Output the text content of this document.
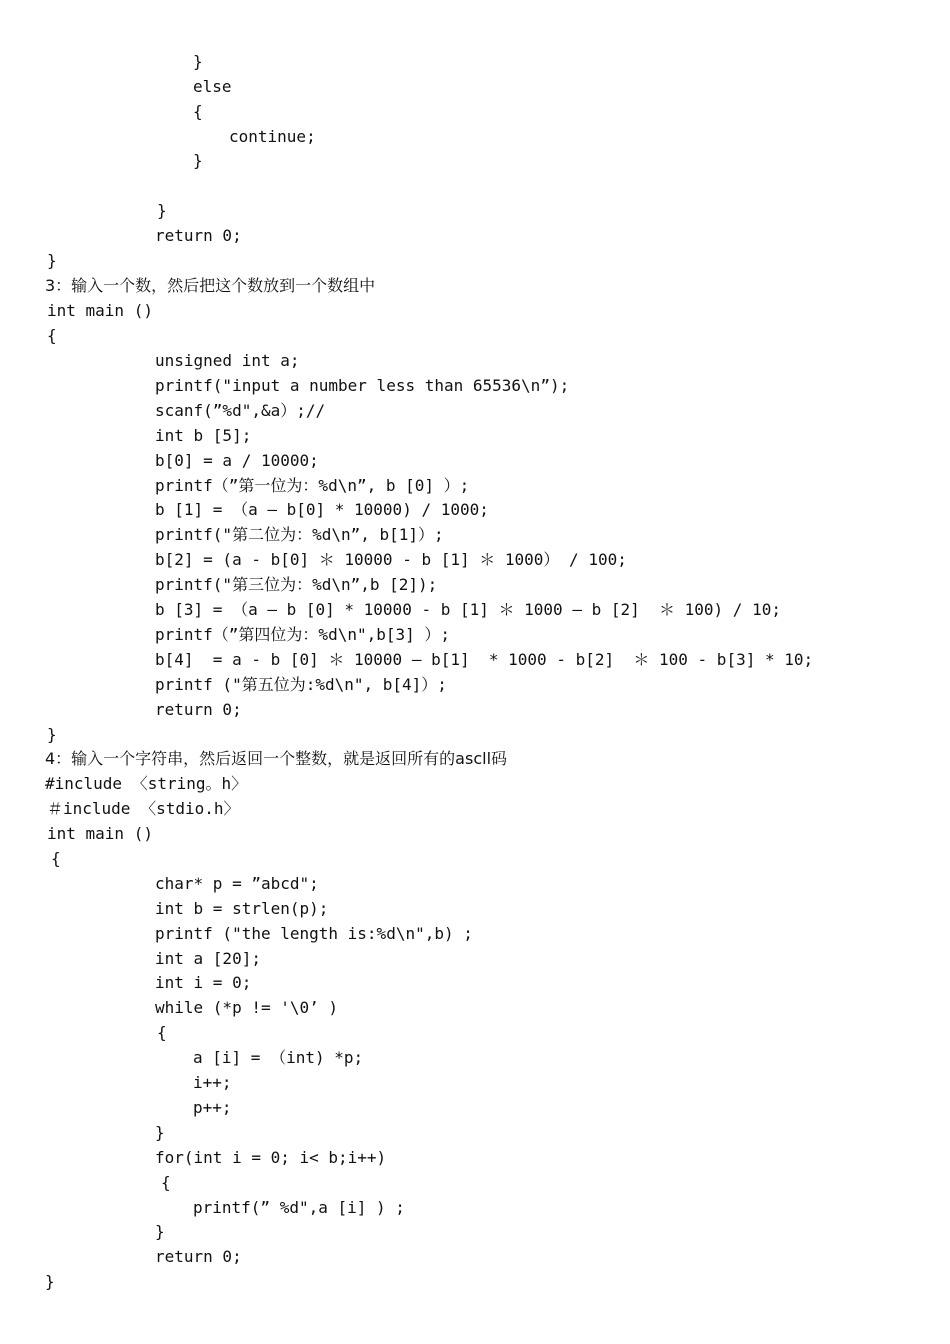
}
else
{
continue;
}
}
return 0;
}
3：输入一个数，然后把这个数放到一个数组中
int main ()
{
unsigned int a;
printf("input a number less than 65536\n”);
scanf(”%d",&a）;//
int b [5];
b[0] = a / 10000;
printf（”第一位为：%d\n”, b [0] ）;
b [1] = （a — b[0] * 10000) / 1000;
printf("第二位为：%d\n”, b[1]）;
b[2] = (a - b[0] ＊ 10000 - b [1] ＊ 1000） / 100;
printf("第三位为：%d\n”,b [2]);
b [3] = （a — b [0] * 10000 - b [1] ＊ 1000 — b [2]  ＊ 100) / 10;
printf（”第四位为：%d\n",b[3] ）;
b[4]  = a - b [0] ＊ 10000 — b[1]  * 1000 - b[2]  ＊ 100 - b[3] * 10;
printf ("第五位为:%d\n", b[4]）;
return 0;
}
4：输入一个字符串，然后返回一个整数，就是返回所有的ascll码
#include 〈string。h〉
＃include 〈stdio.h〉
int main ()
{
char* p = ”abcd";
int b = strlen(p);
printf ("the length is:%d\n",b) ;
int a [20];
int i = 0;
while (*p != '\0’ )
{
a [i] = （int) *p;
i++;
p++;
}
for(int i = 0; i< b;i++)
{
printf(” %d",a [i] ) ;
}
return 0;
}
